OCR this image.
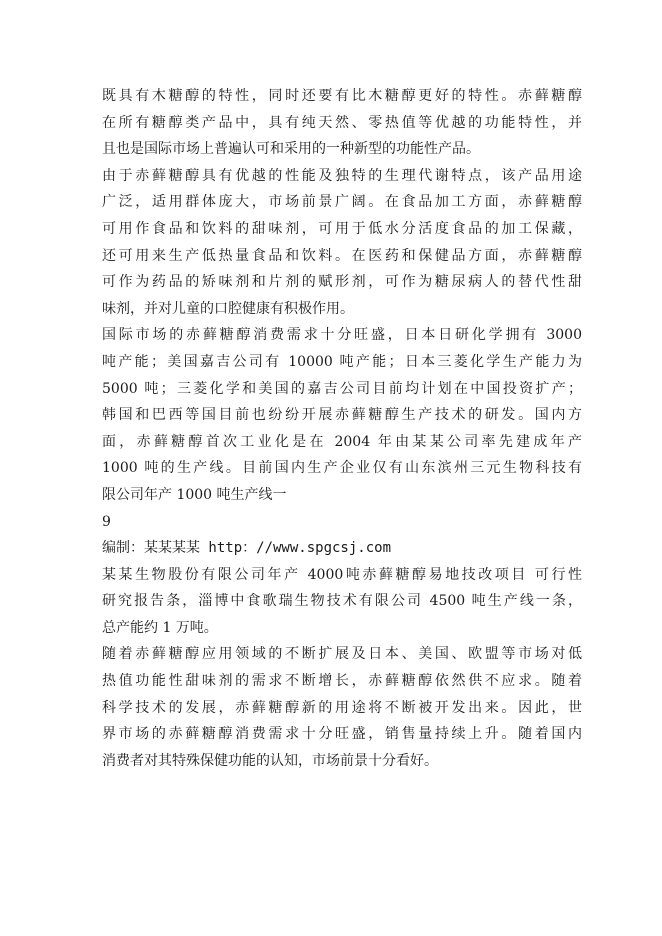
既具有木糖醇的特性，同时还要有比木糖醇更好的特性。赤藓糖醇
在所有糖醇类产品中，具有纯天然、零热值等优越的功能特性，并
且也是国际市场上普遍认可和采用的一种新型的功能性产品。
由于赤藓糖醇具有优越的性能及独特的生理代谢特点，该产品用途
广泛，适用群体庞大，市场前景广阔。在食品加工方面，赤藓糖醇
可用作食品和饮料的甜味剂，可用于低水分活度食品的加工保藏，
还可用来生产低热量食品和饮料。在医药和保健品方面，赤藓糖醇
可作为药品的矫味剂和片剂的赋形剂，可作为糖尿病人的替代性甜
味剂，并对儿童的口腔健康有积极作用。
国际市场的赤藓糖醇消费需求十分旺盛，日本日研化学拥有 3000
吨产能；美国嘉吉公司有 10000 吨产能；日本三菱化学生产能力为
5000 吨；三菱化学和美国的嘉吉公司目前均计划在中国投资扩产；
韩国和巴西等国目前也纷纷开展赤藓糖醇生产技术的研发。国内方
面，赤藓糖醇首次工业化是在 2004 年由某某公司率先建成年产
1000 吨的生产线。目前国内生产企业仅有山东滨州三元生物科技有
限公司年产 1000 吨生产线一
9
编制：某某某某 http：//www.spgcsj.com
某某生物股份有限公司年产 4000吨赤藓糖醇易地技改项目 可行性
研究报告条，淄博中食歌瑞生物技术有限公司 4500 吨生产线一条，
总产能约 1 万吨。
随着赤藓糖醇应用领域的不断扩展及日本、美国、欧盟等市场对低
热值功能性甜味剂的需求不断增长，赤藓糖醇依然供不应求。随着
科学技术的发展，赤藓糖醇新的用途将不断被开发出来。因此，世
界市场的赤藓糖醇消费需求十分旺盛，销售量持续上升。随着国内
消费者对其特殊保健功能的认知，市场前景十分看好。
